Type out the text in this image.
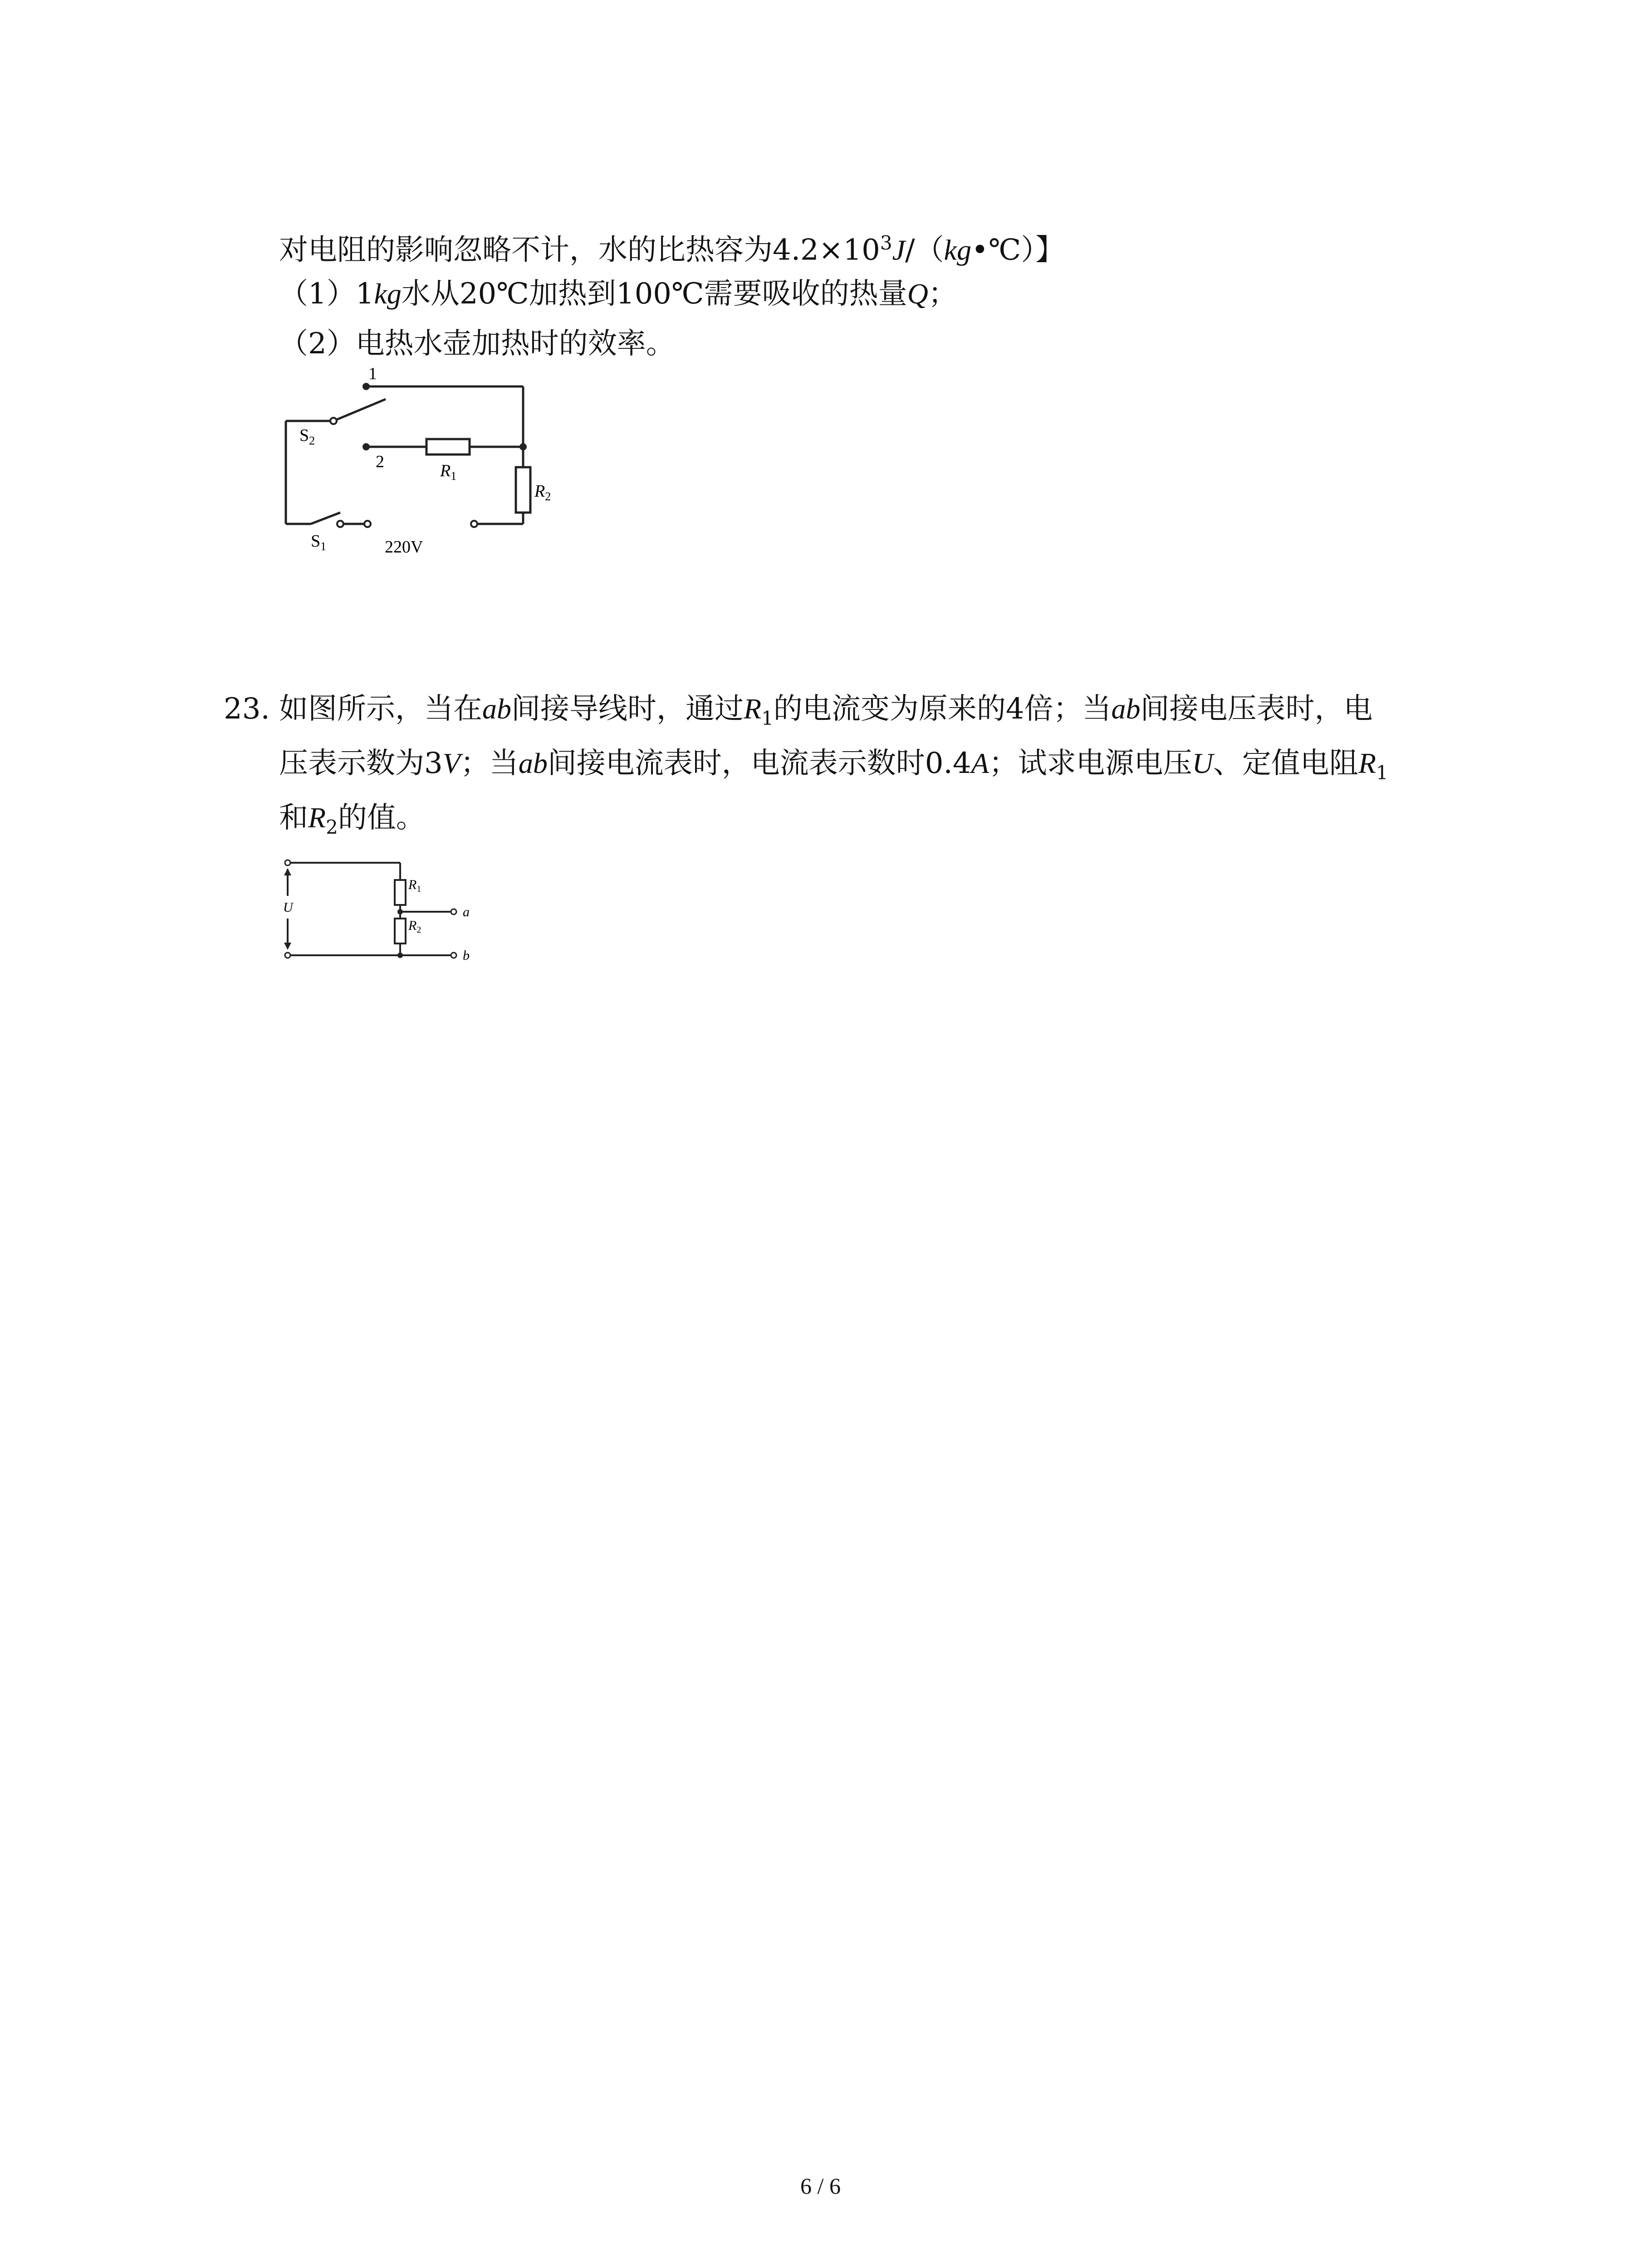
对电阻的影响忽略不计，水的比热容为$4.2\times 10^3J/(kg•℃)$】
（1）1kg水从20℃加热到100℃需要吸收的热量Q；
（2）电热水壶加热时的效率。
1
2
$S_2$
$R_1$
$R_2$
$S_1$	220V
23. 如图所示，当在ab间接导线时，通过$R_1$的电流变为原来的4倍；当ab间接电压表时，电
压表示数为3V；当ab间接电流表时，电流表示数时0.4A；试求电源电压U、定值电阻$R_1$
和$R_2$的值。
U
$R_1$
$R_2$
a
b
6 / 6
